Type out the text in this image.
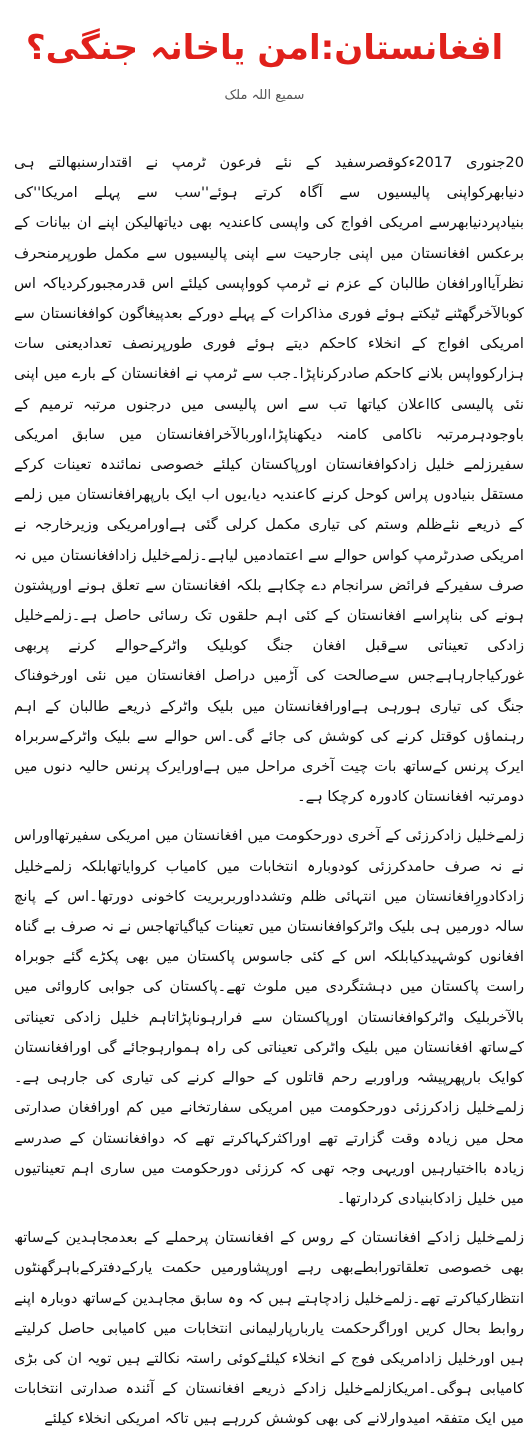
افغانستان:امن یاخانہ جنگی؟
سمیع اللہ ملک

20جنوری 2017ءکوقصرسفید کے نئے فرعون ٹرمپ نے اقتدارسنبھالتے ہی دنیابھرکواپنی پالیسیوں سے آگاہ کرتے ہوئے''سب سے پہلے امریکا''کی بنیادپردنیابھرسے امریکی افواج کی واپسی کاعندیہ بھی دیاتھالیکن اپنے ان بیانات کے برعکس افغانستان میں اپنی جارحیت سے اپنی پالیسیوں سے مکمل طورپرمنحرف نظرآیااورافغان طالبان کے عزم نے ٹرمپ کوواپسی کیلئے اس قدرمجبورکردیاکہ اس کوبالآخرگھٹنے ٹیکتے ہوئے فوری مذاکرات کے پہلے دورکے بعدپیغاگون کوافغانستان سے امریکی افواج کے انخلاء کاحکم دیتے ہوئے فوری طورپرنصف تعدادیعنی سات ہزارکوواپس بلانے کاحکم صادرکرناپڑا۔جب سے ٹرمپ نے افغانستان کے بارے میں اپنی نئی پالیسی کااعلان کیاتھا تب سے اس پالیسی میں درجنوں مرتبہ ترمیم کے باوجودہرمرتبہ ناکامی کامنہ دیکھناپڑا،اوربالآخرافغانستان میں سابق امریکی سفیرزلمے خلیل زادکوافغانستان اورپاکستان کیلئے خصوصی نمائندہ تعینات کرکے مستقل بنیادوں پراس کوحل کرنے کاعندیہ دیا،یوں اب ایک بارپھرافغانستان میں زلمے کے ذریعے نئےظلم وستم کی تیاری مکمل کرلی گئی ہےاورامریکی وزیرخارجہ نے امریکی صدرٹرمپ کواس حوالے سے اعتمادمیں لیاہے۔زلمےخلیل زادافغانستان میں نہ صرف سفیرکے فرائض سرانجام دے چکاہے بلکہ افغانستان سے تعلق ہونے اورپشتون ہونے کی بناپراسے افغانستان کے کئی اہم حلقوں تک رسائی حاصل ہے۔زلمےخلیل زادکی تعیناتی سےقبل افغان جنگ کوبلیک واٹرکےحوالے کرنے پربھی غورکیاجارہاہےجس سےصالحت کی آڑمیں دراصل افغانستان میں نئی اورخوفناک جنگ کی تیاری ہورہی ہےاورافغانستان میں بلیک واٹرکے ذریعے طالبان کے اہم رہنماؤں کوقتل کرنے کی کوشش کی جائے گی۔اس حوالے سے بلیک واٹرکےسربراہ ایرک پرنس کےساتھ بات چیت آخری مراحل میں ہےاورایرک پرنس حالیہ دنوں میں دومرتبہ افغانستان کادورہ کرچکا ہے۔

زلمےخلیل زادکرزئی کے آخری دورحکومت میں افغانستان میں امریکی سفیرتھااوراس نے نہ صرف حامدکرزئی کودوبارہ انتخابات میں کامیاب کروایاتھابلکہ زلمےخلیل زادکادورِافغانستان میں انتہائی ظلم وتشدداوربربریت کاخونی دورتھا۔اس کے پانچ سالہ دورمیں ہی بلیک واٹرکوافغانستان میں تعینات کیاگیاتھاجس نے نہ صرف بے گناہ افغانوں کوشہیدکیابلکہ اس کے کئی جاسوس پاکستان میں بھی پکڑے گئے جوبراہ راست پاکستان میں دہشتگردی میں ملوث تھے۔پاکستان کی جوابی کاروائی میں بالآخربلیک واٹرکوافغانستان اورپاکستان سے فرارہوناپڑاتاہم خلیل زادکی تعیناتی کےساتھ افغانستان میں بلیک واٹرکی تعیناتی کی راہ ہموارہوجائے گی اورافغانستان کوایک بارپھرپیشہ وراوربے رحم قاتلوں کے حوالے کرنے کی تیاری کی جارہی ہے۔زلمےخلیل زادکرزئی دورحکومت میں امریکی سفارتخانے میں کم اورافغان صدارتی محل میں زیادہ وقت گزارتے تھے اوراکثرکہاکرتے تھے کہ دوافغانستان کے صدرسے زیادہ بااختیارہیں اوریہی وجہ تھی کہ کرزئی دورحکومت میں ساری اہم تعیناتیوں میں خلیل زادکابنیادی کردارتھا۔

زلمےخلیل زادکے افغانستان کے روس کے افغانستان پرحملے کے بعدمجاہدین کےساتھ بھی خصوصی تعلقاتورابطےبھی رہے اورپشاورمیں حکمت یارکےدفترکےباہرگھنٹوں انتظارکیاکرتے تھے۔زلمےخلیل زادچاہتے ہیں کہ وہ سابق مجاہدین کےساتھ دوبارہ اپنے روابط بحال کریں اوراگرحکمت یاربارپارلیمانی انتخابات میں کامیابی حاصل کرلیتے ہیں اورخلیل زادامریکی فوج کے انخلاء کیلئےکوئی راستہ نکالتے ہیں تویہ ان کی بڑی کامیابی ہوگی۔امریکازلمےخلیل زادکے ذریعے افغانستان کے آئندہ صدارتی انتخابات میں ایک متفقہ امیدوارلانے کی بھی کوشش کررہے ہیں تاکہ امریکی انخلاء کیلئے
